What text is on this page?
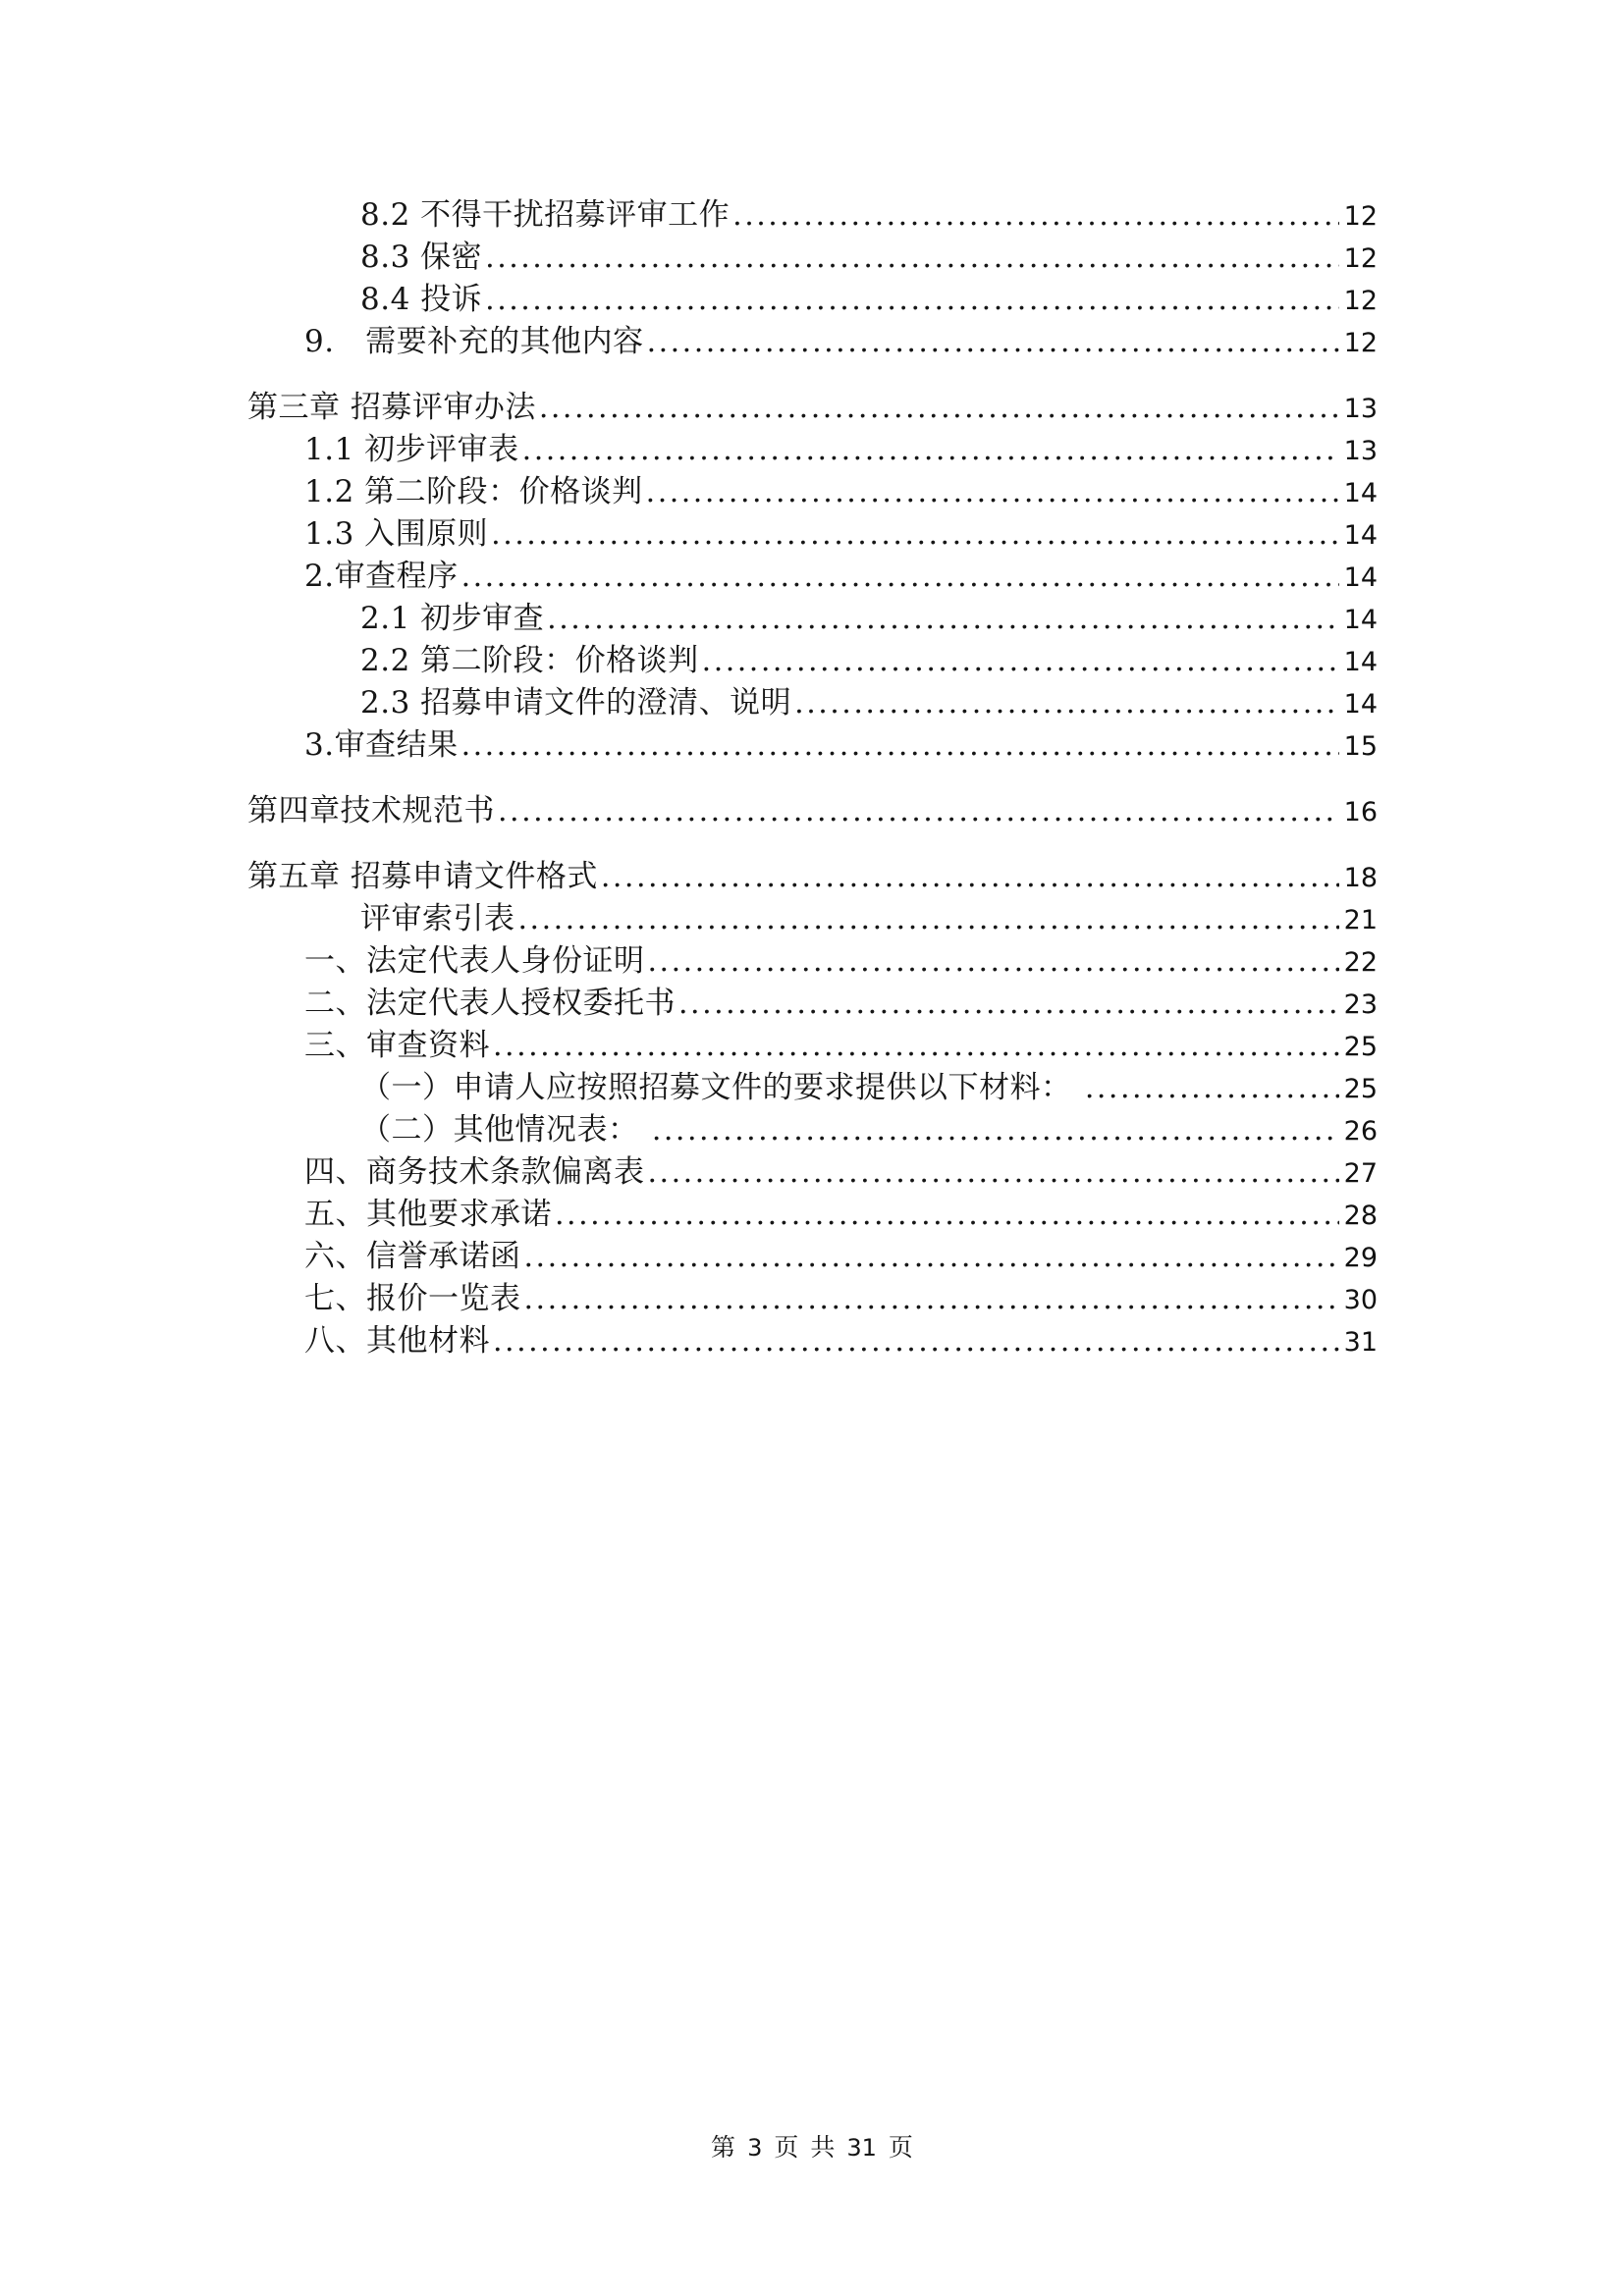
8.2 不得干扰招募评审工作 .....	12
8.3 保密 .....	12
8.4 投诉 .....	12
9.　需要补充的其他内容 .....	12
第三章 招募评审办法 .....	13
1.1 初步评审表 .....	13
1.2 第二阶段：价格谈判 .....	14
1.3 入围原则 .....	14
2.审查程序 .....	14
2.1 初步审查 .....	14
2.2 第二阶段：价格谈判 .....	14
2.3 招募申请文件的澄清、说明 .....	14
3.审查结果 .....	15
第四章技术规范书 .....	16
第五章 招募申请文件格式 .....	18
评审索引表 .....	21
一、法定代表人身份证明 .....	22
二、法定代表人授权委托书 .....	23
三、审查资料 .....	25
（一）申请人应按照招募文件的要求提供以下材料： .....	25
（二）其他情况表： .....	26
四、商务技术条款偏离表 .....	27
五、其他要求承诺 .....	28
六、信誉承诺函 .....	29
七、报价一览表 .....	30
八、其他材料 .....	31
第 3 页 共 31 页
